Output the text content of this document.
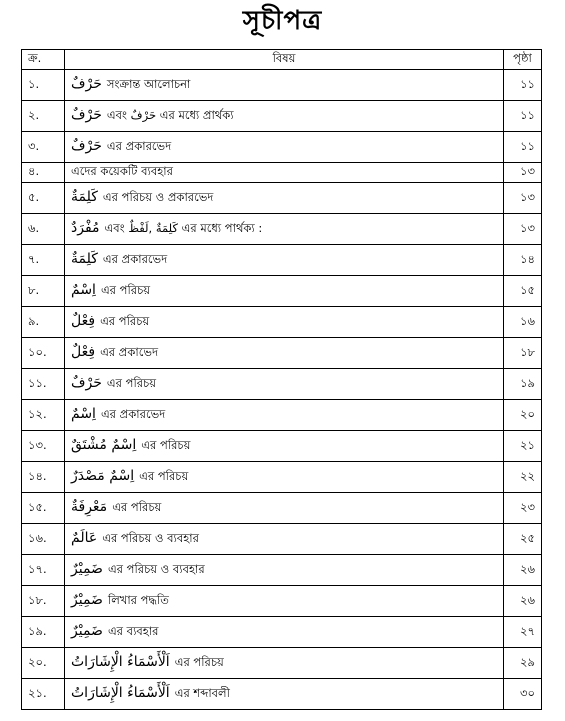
সূচীপত্র
ক্র.	বিষয়	পৃষ্ঠা
১.	حَرْفٌ সংক্রান্ত আলোচনা	১১
২.	حَرْفٌ এবং حَرْفٌ এর মধ্যে প্রার্থক্য	১১
৩.	حَرْفٌ এর প্রকারভেদ	১১
৪.	এদের কয়েকটি ব্যবহার	১৩
৫.	كَلِمَةٌ এর পরিচয় ও প্রকারভেদ	১৩
৬.	مُفْرَدٌ এবং كَلِمَةٌ ,لَفْظٌ এর মধ্যে পার্থক্য :	১৩
৭.	كَلِمَةٌ এর প্রকারভেদ	১৪
৮.	اِسْمٌ এর পরিচয়	১৫
৯.	فِعْلٌ এর পরিচয়	১৬
১০.	فِعْلٌ এর প্রকাভেদ	১৮
১১.	حَرْفٌ এর পরিচয়	১৯
১২.	اِسْمٌ এর প্রকারভেদ	২০
১৩.	اِسْمٌ مُشْتَقٌ এর পরিচয়	২১
১৪.	اِسْمٌ مَصْدَرٌ এর পরিচয়	২২
১৫.	مَعْرِفَةٌ এর পরিচয়	২৩
১৬.	عَالَمٌ এর পরিচয় ও ব্যবহার	২৫
১৭.	ضَمِيْرٌ এর পরিচয় ও ব্যবহার	২৬
১৮.	ضَمِيْرٌ লিখার পদ্ধতি	২৬
১৯.	ضَمِيْرٌ এর ব্যবহার	২৭
২০.	اَلْأَسْمَاءُ الْإِشَارَاتُ এর পরিচয়	২৯
২১.	اَلْأَسْمَاءُ الْإِشَارَاتُ এর শব্দাবলী	৩০
